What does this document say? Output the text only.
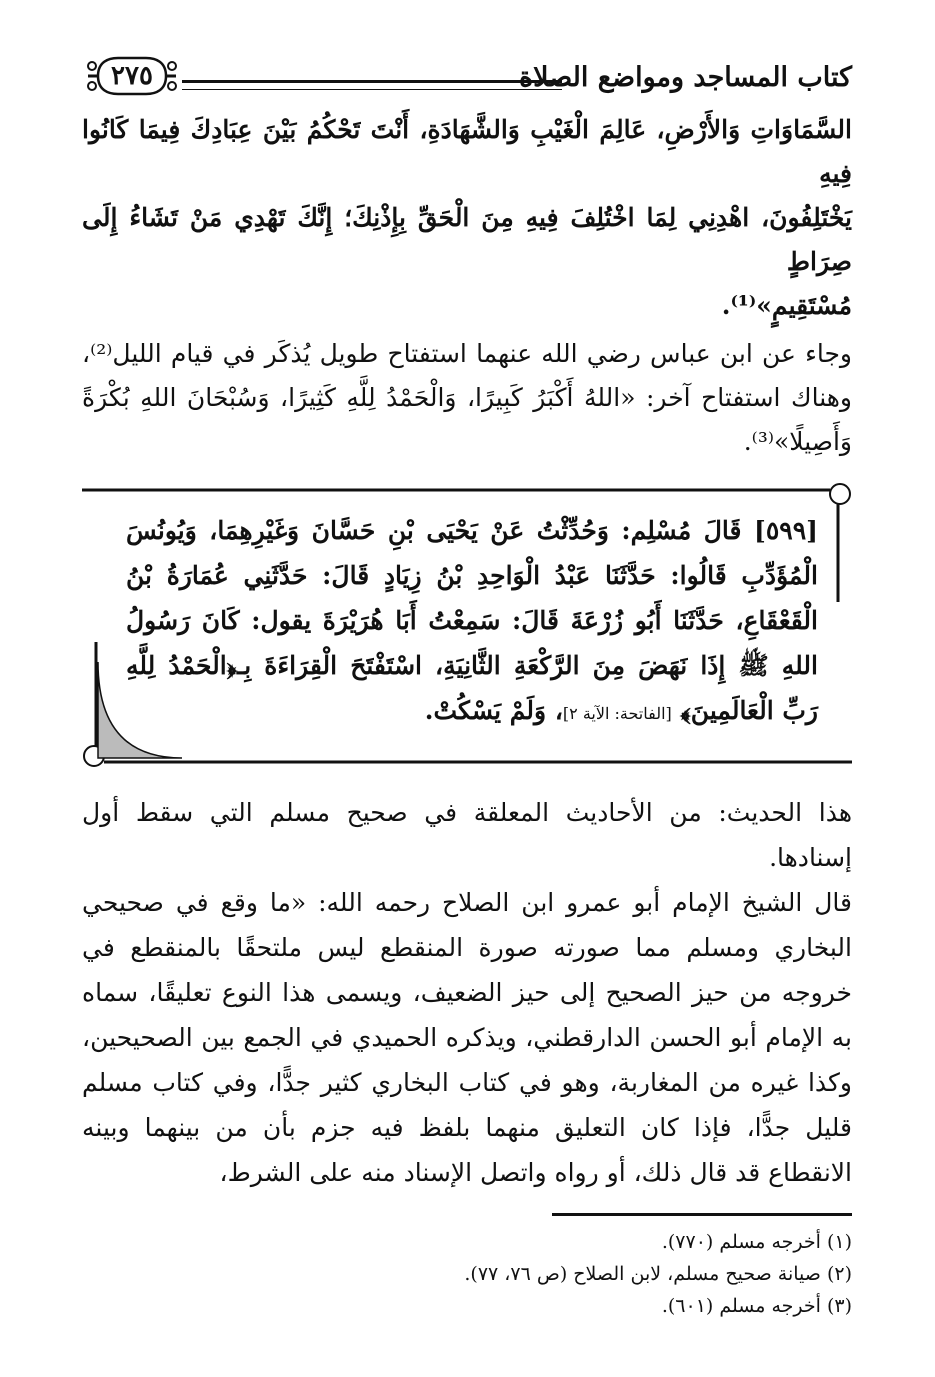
كتاب المساجد ومواضع الصلاة
٢٧٥

السَّمَاوَاتِ وَالأَرْضِ، عَالِمَ الْغَيْبِ وَالشَّهَادَةِ، أَنْتَ تَحْكُمُ بَيْنَ عِبَادِكَ فِيمَا كَانُوا فِيهِ

يَخْتَلِفُونَ، اهْدِنِي لِمَا اخْتُلِفَ فِيهِ مِنَ الْحَقِّ بِإِذْنِكَ؛ إِنَّكَ تَهْدِي مَنْ تَشَاءُ إِلَى صِرَاطٍ

مُسْتَقِيمٍ»⁽¹⁾.

وجاء عن ابن عباس رضي الله عنهما استفتاح طويل يُذكَر في قيام الليل⁽²⁾، وهناك استفتاح آخر: «اللهُ أَكْبَرُ كَبِيرًا، وَالْحَمْدُ لِلَّهِ كَثِيرًا، وَسُبْحَانَ اللهِ بُكْرَةً وَأَصِيلًا»⁽³⁾.

[٥٩٩] قَالَ مُسْلِم: وَحُدِّثْتُ عَنْ يَحْيَى بْنِ حَسَّانَ وَغَيْرِهِمَا، وَيُونُسَ الْمُؤَدِّبِ قَالُوا: حَدَّثَنَا عَبْدُ الْوَاحِدِ بْنُ زِيَادٍ قَالَ: حَدَّثَنِي عُمَارَةُ بْنُ الْقَعْقَاعِ، حَدَّثَنَا أَبُو زُرْعَةَ قَالَ: سَمِعْتُ أَبَا هُرَيْرَةَ يقول: كَانَ رَسُولُ اللهِ ﷺ إِذَا نَهَضَ مِنَ الرَّكْعَةِ الثَّانِيَةِ، اسْتَفْتَحَ الْقِرَاءَةَ بِـ﴿الْحَمْدُ لِلَّهِ رَبِّ الْعَالَمِينَ﴾ [الفاتحة: الآية ٢]، وَلَمْ يَسْكُتْ.

هذا الحديث: من الأحاديث المعلقة في صحيح مسلم التي سقط أول إسنادها.

قال الشيخ الإمام أبو عمرو ابن الصلاح رحمه الله: «ما وقع في صحيحي البخاري ومسلم مما صورته صورة المنقطع ليس ملتحقًا بالمنقطع في خروجه من حيز الصحيح إلى حيز الضعيف، ويسمى هذا النوع تعليقًا، سماه به الإمام أبو الحسن الدارقطني، ويذكره الحميدي في الجمع بين الصحيحين، وكذا غيره من المغاربة، وهو في كتاب البخاري كثير جدًّا، وفي كتاب مسلم قليل جدًّا، فإذا كان التعليق منهما بلفظ فيه جزم بأن من بينهما وبينه الانقطاع قد قال ذلك، أو رواه واتصل الإسناد منه على الشرط،

(١) أخرجه مسلم (٧٧٠).
(٢) صيانة صحيح مسلم، لابن الصلاح (ص ٧٦، ٧٧).
(٣) أخرجه مسلم (٦٠١).
